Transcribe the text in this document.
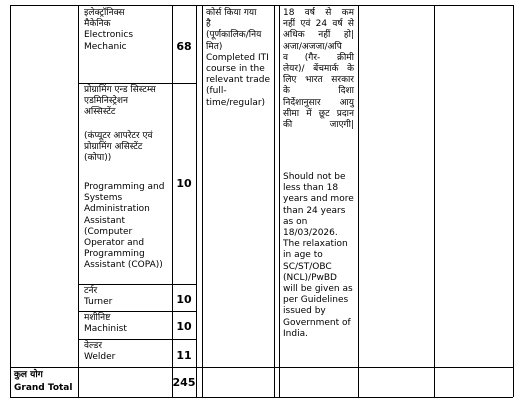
इलेक्ट्रॉनिक्स
मैकेनिक
Electronics
Mechanic
प्रोग्रामिंग एन्ड सिस्टम्स
एडमिनिस्ट्रेशन
अस्सिस्टेंट
(कंप्यूटर आपरेटर एवं
प्रोग्रामिंग असिस्टेंट
(कोपा))
Programming and
Systems
Administration
Assistant
(Computer
Operator and
Programming
Assistant (COPA))
टर्नर
Turner
मशीनिष्ट
Machinist
वेल्डर
Welder
68
10
10
10
11
कोर्स किया गया
है
(पूर्णकालिक/निय
मित)
Completed ITI
course in the
relevant trade
(full-
time/regular)
18 वर्ष से कम
नहीं एवं 24 वर्ष से
अधिक नहीं हो|
अजा/अजजा/अपि
व (गैर- क्रीमी
लेयर)/ बेंचमार्क के
लिए भारत सरकार
के दिशा
निर्देशानुसार आयु
सीमा में छूट प्रदान
की जाएगी|
Should not be
less than 18
years and more
than 24 years
as on
18/03/2026.
The relaxation
in age to
SC/ST/OBC
(NCL)/PwBD
will be given as
per Guidelines
issued by
Government of
India.
कुल योग
Grand Total	245
